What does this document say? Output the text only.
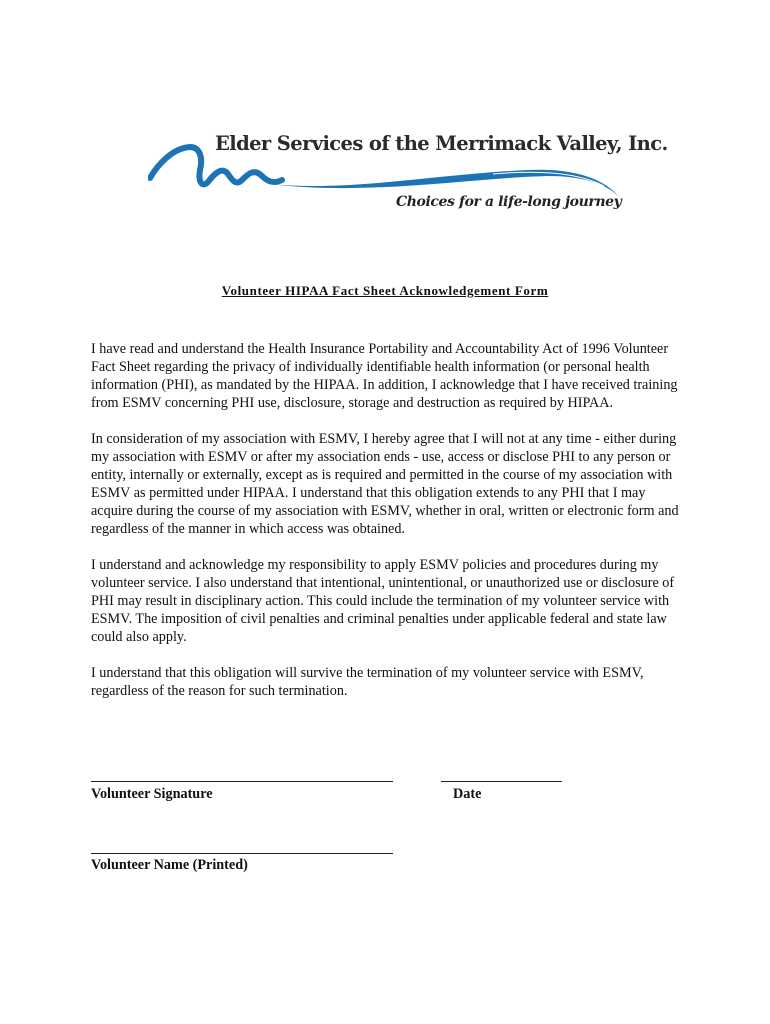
Elder Services of the Merrimack Valley, Inc.
Choices for a life-long journey
Volunteer HIPAA Fact Sheet Acknowledgement Form

I have read and understand the Health Insurance Portability and Accountability Act of 1996 Volunteer Fact Sheet regarding the privacy of individually identifiable health information (or personal health information (PHI), as mandated by the HIPAA. In addition, I acknowledge that I have received training from ESMV concerning PHI use, disclosure, storage and destruction as required by HIPAA.

In consideration of my association with ESMV, I hereby agree that I will not at any time - either during my association with ESMV or after my association ends - use, access or disclose PHI to any person or entity, internally or externally, except as is required and permitted in the course of my association with ESMV as permitted under HIPAA. I understand that this obligation extends to any PHI that I may acquire during the course of my association with ESMV, whether in oral, written or electronic form and regardless of the manner in which access was obtained.

I understand and acknowledge my responsibility to apply ESMV policies and procedures during my volunteer service. I also understand that intentional, unintentional, or unauthorized use or disclosure of PHI may result in disciplinary action. This could include the termination of my volunteer service with ESMV. The imposition of civil penalties and criminal penalties under applicable federal and state law could also apply.

I understand that this obligation will survive the termination of my volunteer service with ESMV, regardless of the reason for such termination.

Volunteer Signature	Date
Volunteer Name (Printed)
